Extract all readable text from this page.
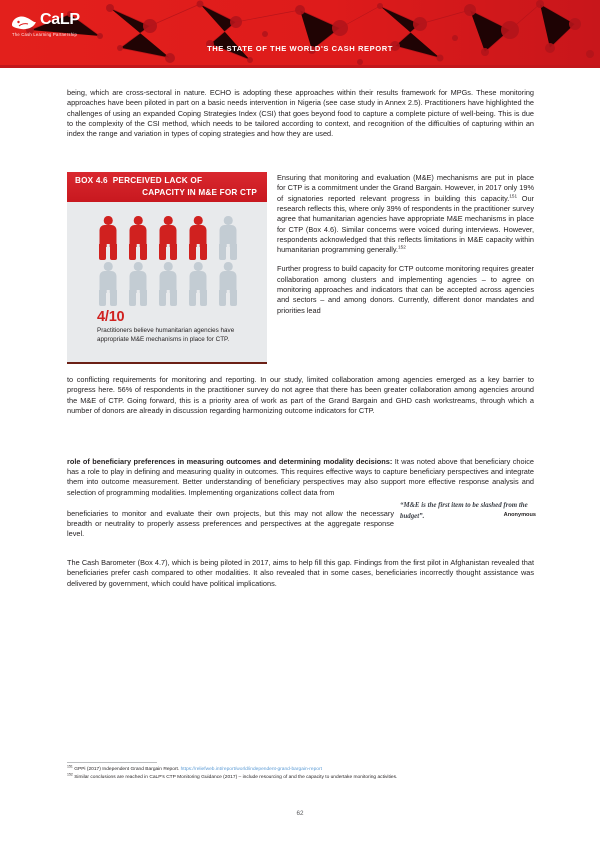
CaLP
The Cash Learning Partnership
THE STATE OF THE WORLD'S CASH REPORT

being, which are cross-sectoral in nature. ECHO is adopting these approaches within their results framework for MPGs. These monitoring approaches have been piloted in part on a basic needs intervention in Nigeria (see case study in Annex 2.5). Practitioners have highlighted the challenges of using an expanded Coping Strategies Index (CSI) that goes beyond food to capture a complete picture of well-being. This is due to the complexity of the CSI method, which needs to be tailored according to context, and recognition of the difficulties of capturing within an index the range and variation in types of coping strategies and how they are used.

BOX 4.6 PERCEIVED LACK OF
CAPACITY IN M&E FOR CTP
4/10
Practitioners believe humanitarian agencies have appropriate M&E mechanisms in place for CTP.

Ensuring that monitoring and evaluation (M&E) mechanisms are put in place for CTP is a commitment under the Grand Bargain. However, in 2017 only 19% of signatories reported relevant progress in building this capacity.$^{151}$ Our research reflects this, where only 39% of respondents in the practitioner survey agree that humanitarian agencies have appropriate M&E mechanisms in place for CTP (Box 4.6). Similar concerns were voiced during interviews. However, respondents acknowledged that this reflects limitations in M&E capacity within humanitarian programming generally.$^{152}$

Further progress to build capacity for CTP outcome monitoring requires greater collaboration among clusters and implementing agencies – to agree on monitoring approaches and indicators that can be accepted across agencies and sectors – and among donors. Currently, different donor mandates and priorities lead

to conflicting requirements for monitoring and reporting. In our study, limited collaboration among agencies emerged as a key barrier to progress here. 56% of respondents in the practitioner survey do not agree that there has been greater collaboration among agencies around the M&E of CTP. Going forward, this is a priority area of work as part of the Grand Bargain and GHD cash workstreams, through which a number of donors are already in discussion regarding harmonizing outcome indicators for CTP.

role of beneficiary preferences in measuring outcomes and determining modality decisions: It was noted above that beneficiary choice has a role to play in defining and measuring quality in outcomes. This requires effective ways to capture beneficiary perspectives and integrate them into outcome measurement. Better understanding of beneficiary perspectives may also support more effective response analysis and selection of programming modalities. Implementing organizations collect data from

beneficiaries to monitor and evaluate their own projects, but this may not allow the necessary breadth or neutrality to properly assess preferences and perspectives at the aggregate response level.

“M&E is the first item to be slashed from the budget”.	Anonymous

The Cash Barometer (Box 4.7), which is being piloted in 2017, aims to help fill this gap. Findings from the first pilot in Afghanistan revealed that beneficiaries prefer cash compared to other modalities. It also revealed that in some cases, beneficiaries incorrectly thought assistance was delivered by government, which could have political implications.

$^{151}$ GPPi (2017) Independent Grand Bargain Report. https://reliefweb.int/report/world/independent-grand-bargain-report
$^{152}$ Similar conclusions are reached in CaLP’s CTP Monitoring Guidance (2017) – include resourcing of and the capacity to undertake monitoring activities.
62
